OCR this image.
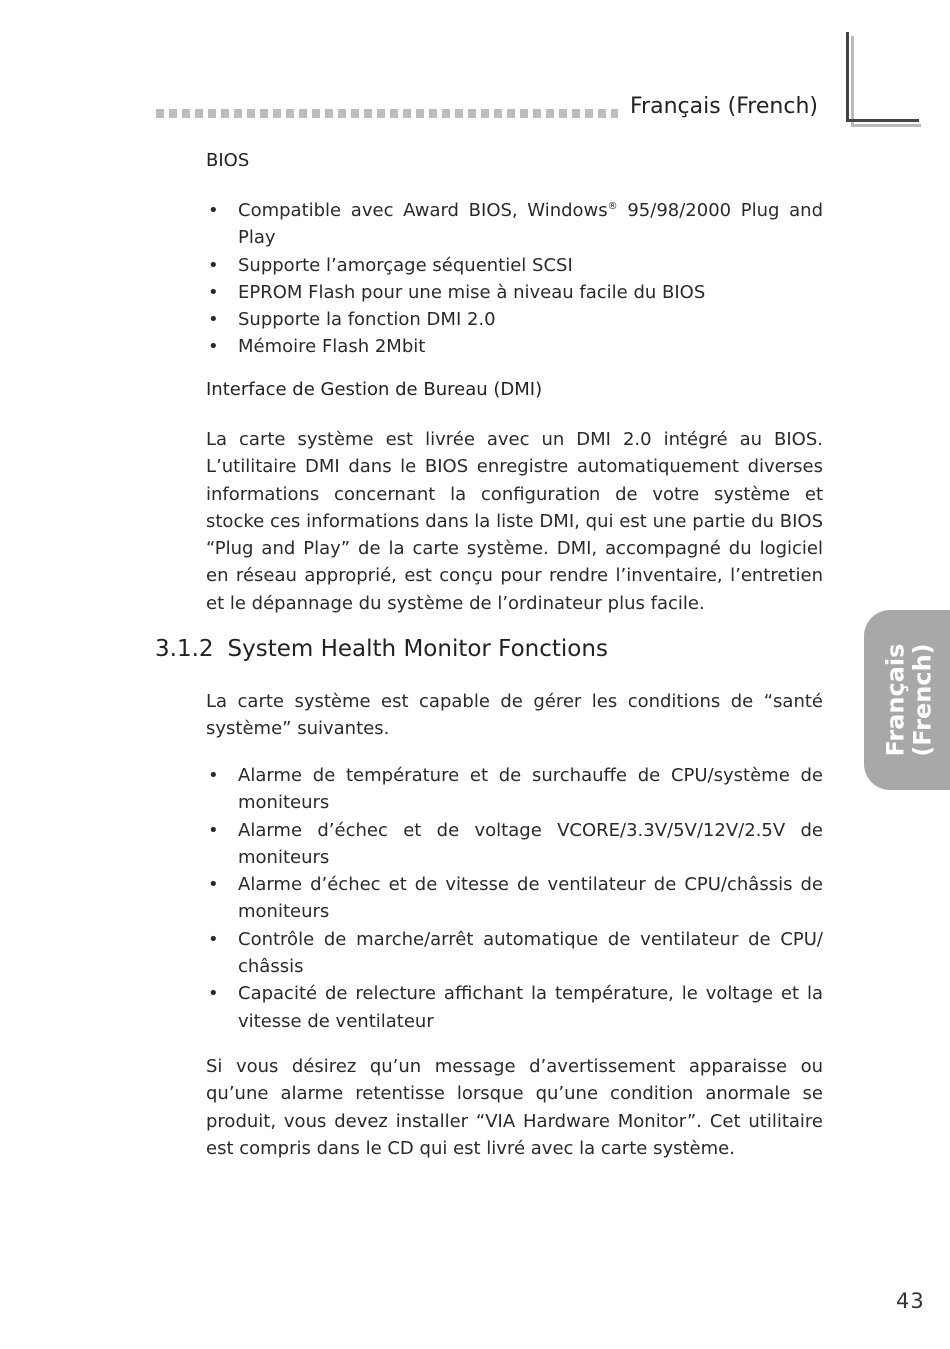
Français (French)
BIOS
• Compatible avec Award BIOS, Windows® 95/98/2000 Plug and Play
• Supporte l’amorçage séquentiel SCSI
• EPROM Flash pour une mise à niveau facile du BIOS
• Supporte la fonction DMI 2.0
• Mémoire Flash 2Mbit
Interface de Gestion de Bureau (DMI)

La carte système est livrée avec un DMI 2.0 intégré au BIOS. L’utilitaire DMI dans le BIOS enregistre automatiquement diverses informations concernant la configuration de votre système et stocke ces informations dans la liste DMI, qui est une partie du BIOS “Plug and Play” de la carte système. DMI, accompagné du logiciel en réseau approprié, est conçu pour rendre l’inventaire, l’entretien et le dépannage du système de l’ordinateur plus facile.

3.1.2 System Health Monitor Fonctions

La carte système est capable de gérer les conditions de “santé système” suivantes.

• Alarme de température et de surchauffe de CPU/système de moniteurs
• Alarme d’échec et de voltage VCORE/3.3V/5V/12V/2.5V de moniteurs
• Alarme d’échec et de vitesse de ventilateur de CPU/châssis de moniteurs
• Contrôle de marche/arrêt automatique de ventilateur de CPU/ châssis
• Capacité de relecture affichant la température, le voltage et la vitesse de ventilateur

Si vous désirez qu’un message d’avertissement apparaisse ou qu’une alarme retentisse lorsque qu’une condition anormale se produit, vous devez installer “VIA Hardware Monitor”. Cet utilitaire est compris dans le CD qui est livré avec la carte système.

Français (French)
43
